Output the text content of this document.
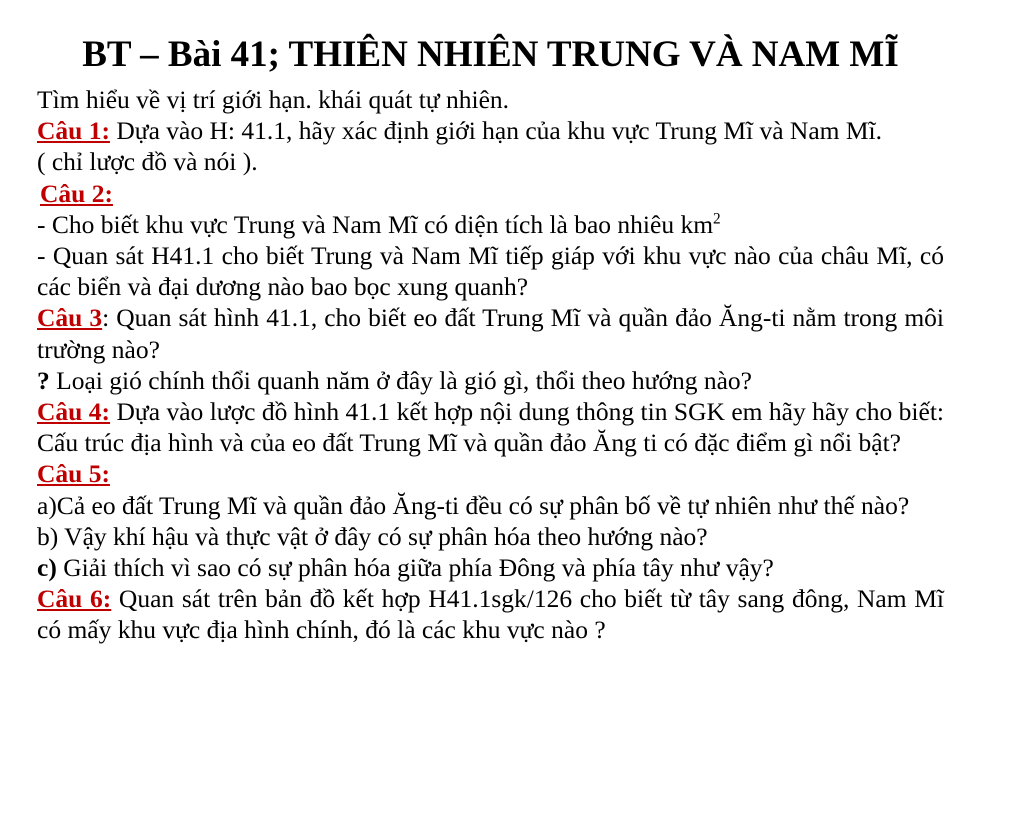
BT – Bài 41; THIÊN NHIÊN TRUNG VÀ NAM MĨ

Tìm hiểu về vị trí giới hạn. khái quát tự nhiên.

Câu 1: Dựa vào H: 41.1, hãy xác định giới hạn của khu vực Trung Mĩ và Nam Mĩ.

( chỉ lược đồ và nói ).

Câu 2:

- Cho biết khu vực Trung và Nam Mĩ có diện tích là bao nhiêu $km^2$

- Quan sát H41.1 cho biết Trung và Nam Mĩ tiếp giáp với khu vực nào của châu Mĩ, có các biển và đại dương nào bao bọc xung quanh?

Câu 3: Quan sát hình 41.1, cho biết eo đất Trung Mĩ và quần đảo Ăng-ti nằm trong môi trường nào?

? Loại gió chính thổi quanh năm ở đây là gió gì, thổi theo hướng nào?

Câu 4: Dựa vào lược đồ hình 41.1 kết hợp nội dung thông tin SGK em hãy hãy cho biết: Cấu trúc địa hình và của eo đất Trung Mĩ và quần đảo Ăng ti có đặc điểm gì nổi bật?

Câu 5:

a)Cả eo đất Trung Mĩ và quần đảo Ăng-ti đều có sự phân bố về tự nhiên như thế nào?

b) Vậy khí hậu và thực vật ở đây có sự phân hóa theo hướng nào?

c) Giải thích vì sao có sự phân hóa giữa phía Đông và phía tây như vậy?

Câu 6: Quan sát trên bản đồ kết hợp H41.1sgk/126 cho biết từ tây sang đông, Nam Mĩ có mấy khu vực địa hình chính, đó là các khu vực nào ?
